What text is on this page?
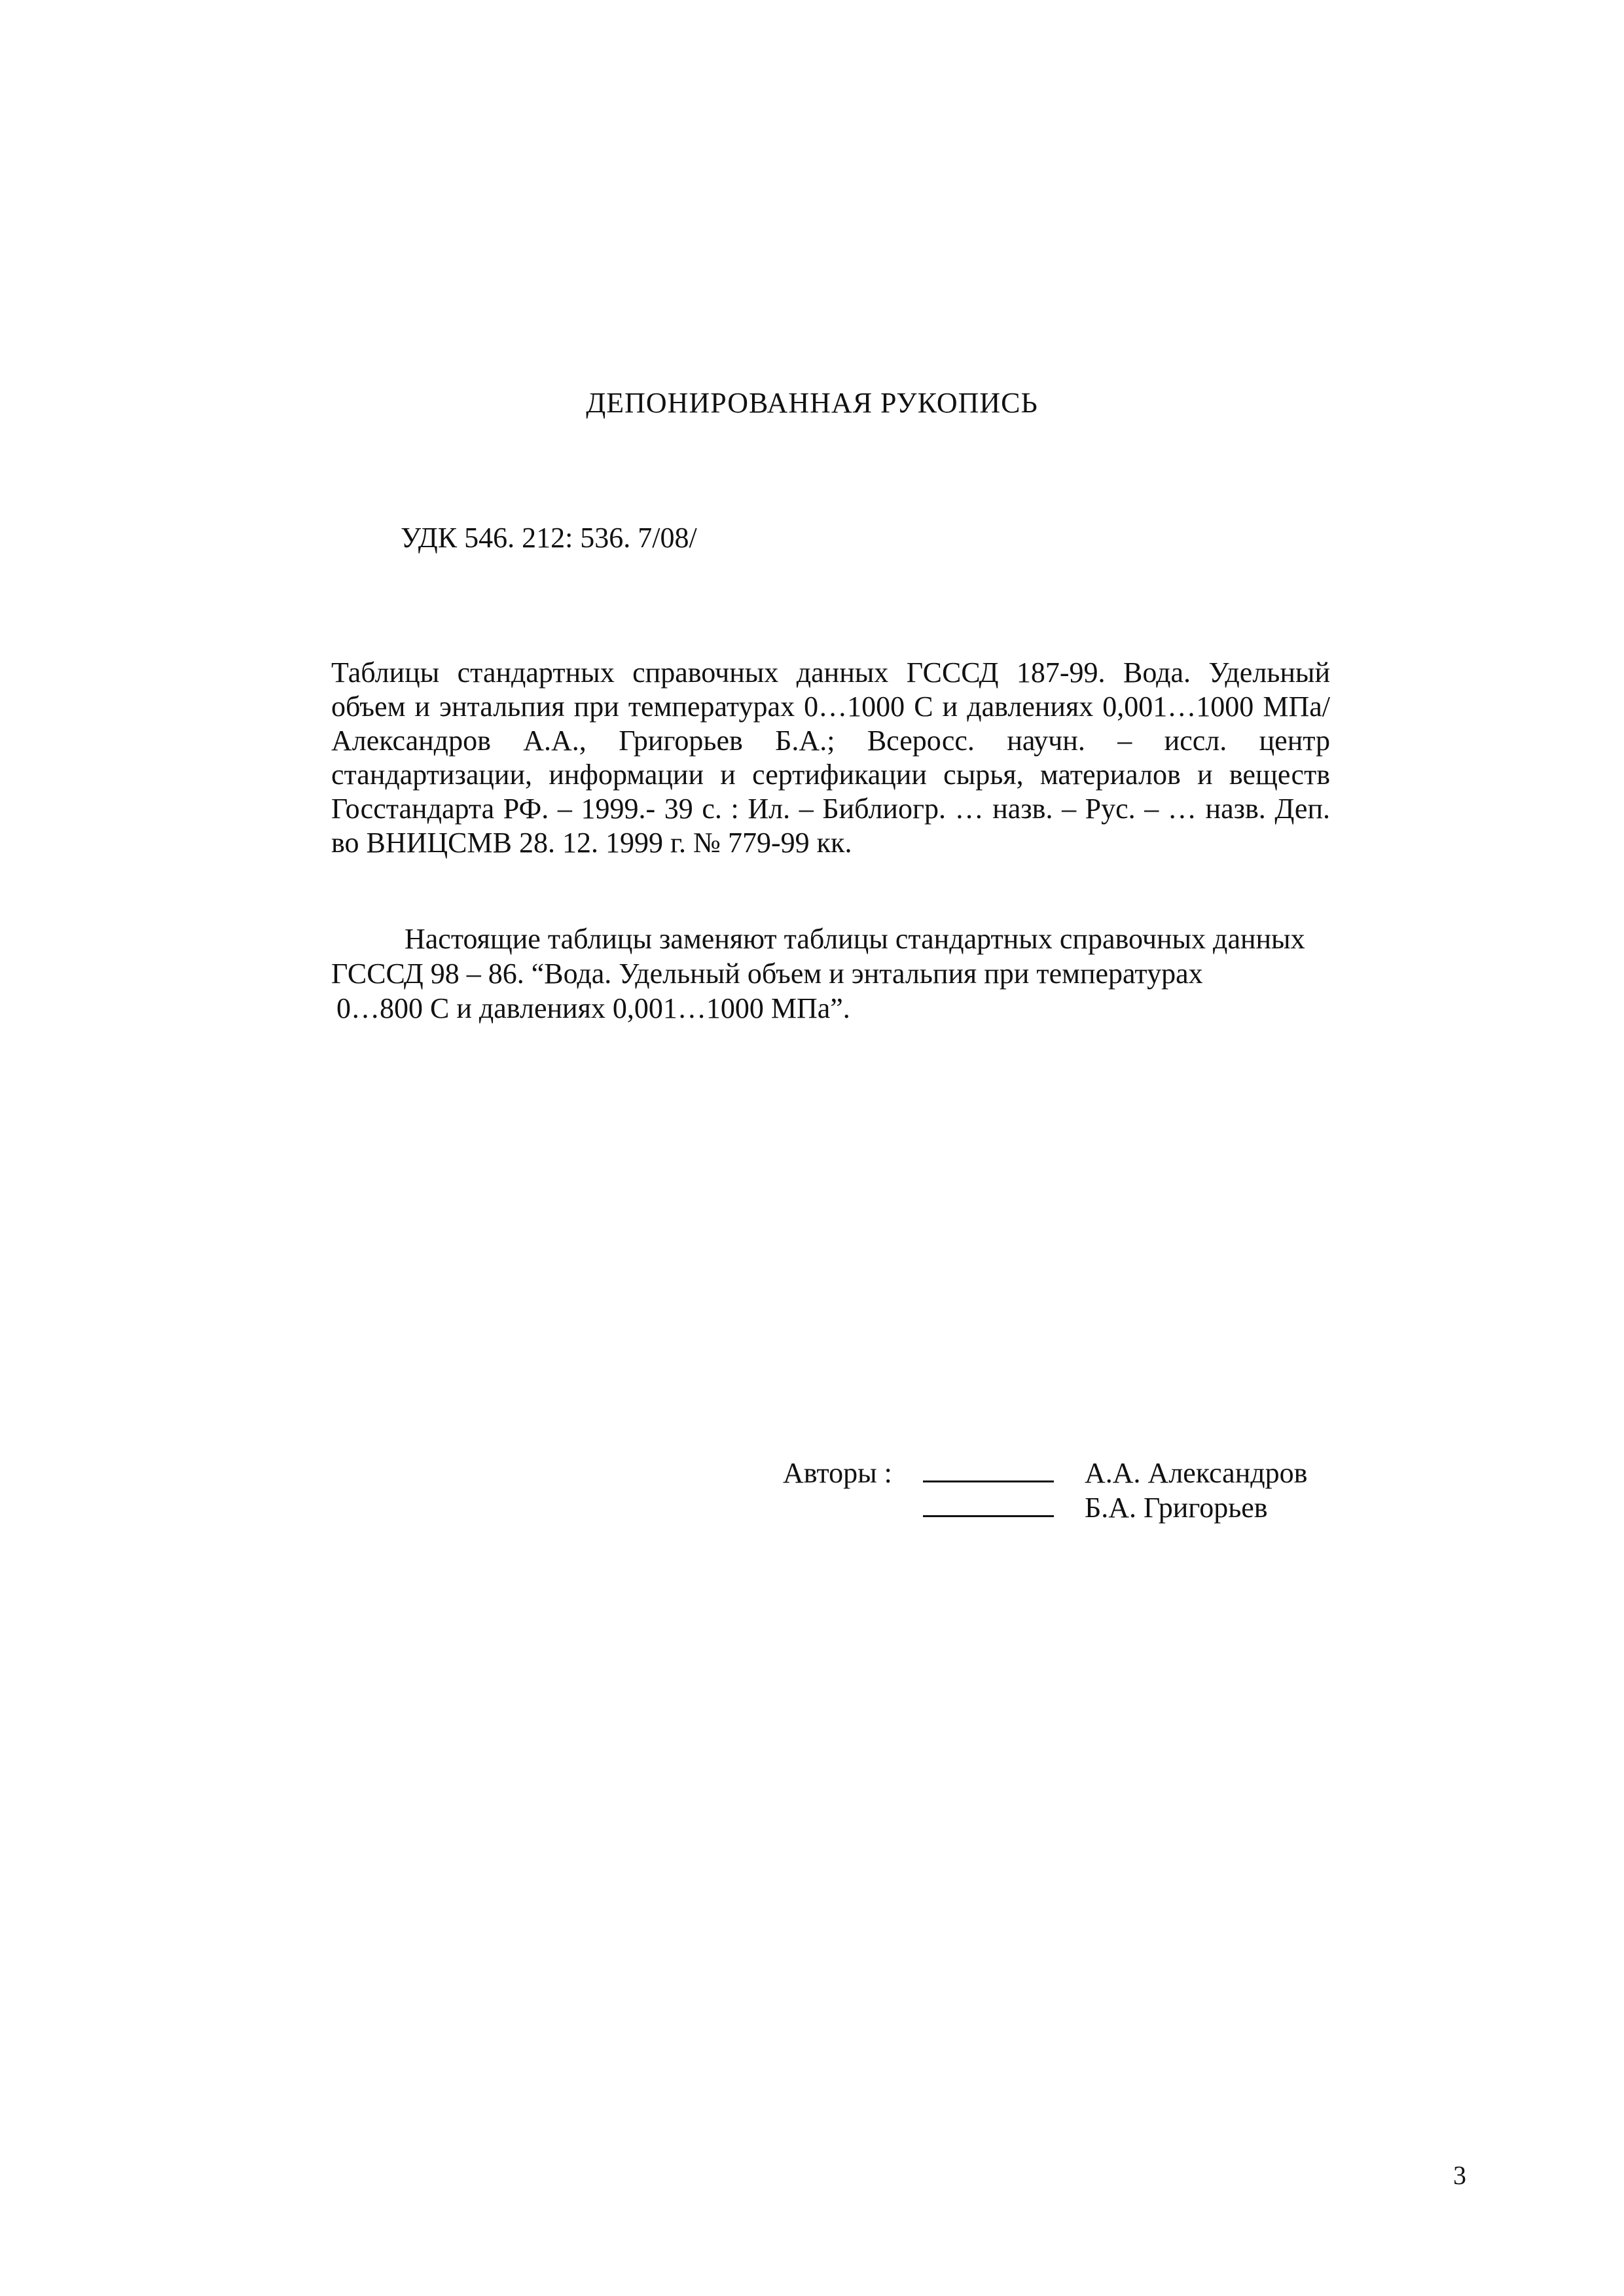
ДЕПОНИРОВАННАЯ РУКОПИСЬ
УДК 546. 212: 536. 7/08/
Таблицы стандартных справочных данных ГСССД 187-99. Вода. Удельный
объем и энтальпия при температурах 0…1000 С и давлениях 0,001…1000 МПа/
Александров А.А., Григорьев Б.А.; Всеросс. научн. – иссл. центр
стандартизации, информации и сертификации сырья, материалов и веществ
Госстандарта РФ. – 1999.- 39 с. : Ил. – Библиогр. … назв. – Рус. – … назв. Деп.
во ВНИЦСМВ 28. 12. 1999 г. № 779-99 кк.
Настоящие таблицы заменяют таблицы стандартных справочных данных
ГСССД 98 – 86. “Вода. Удельный объем и энтальпия при температурах
0…800 С и давлениях 0,001…1000 МПа”.
Авторы :	А.А. Александров
Б.А. Григорьев
3
